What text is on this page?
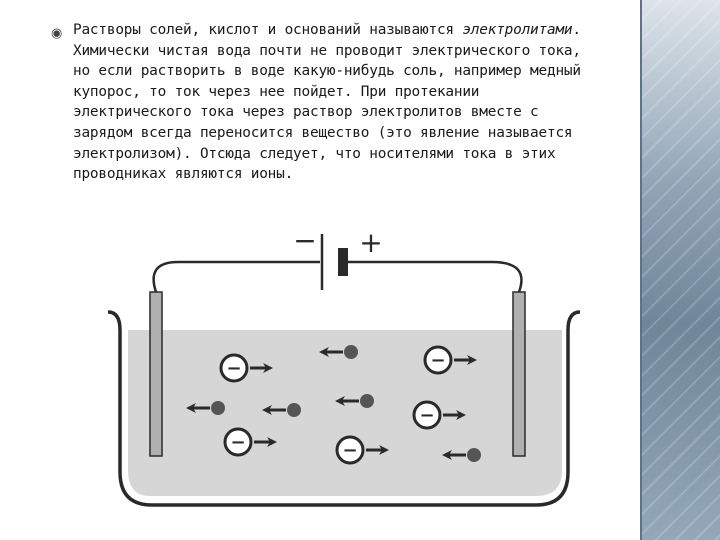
◉ Растворы солей, кислот и оснований называются электролитами. Химически чистая вода почти не проводит электрического тока, но если растворить в воде какую-нибудь соль, например медный купорос, то ток через нее пойдет. При протекании электрического тока через раствор электролитов вместе с зарядом всегда переносится вещество (это явление называется электролизом). Отсюда следует, что носителями тока в этих проводниках являются ионы.
− +
−	−
−
−	−
